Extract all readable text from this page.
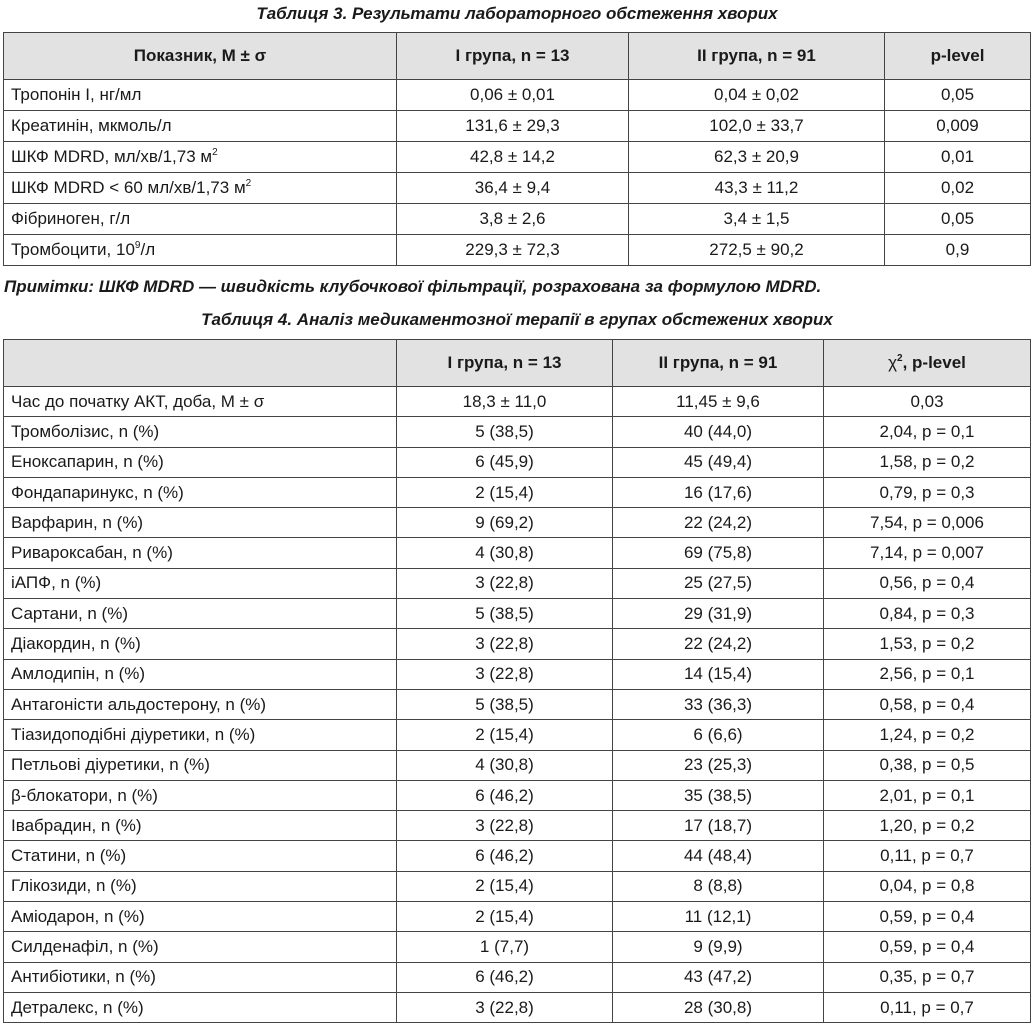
Таблиця 3. Результати лабораторного обстеження хворих
Показник, М ± σ	І група, n = 13	ІІ група, n = 91	p-level
Тропонін І, нг/мл	0,06 ± 0,01	0,04 ± 0,02	0,05
Креатинін, мкмоль/л	131,6 ± 29,3	102,0 ± 33,7	0,009
ШКФ MDRD, мл/хв/1,73 $м^2$	42,8 ± 14,2	62,3 ± 20,9	0,01
ШКФ MDRD < 60 мл/хв/1,73 $м^2$	36,4 ± 9,4	43,3 ± 11,2	0,02
Фібриноген, г/л	3,8 ± 2,6	3,4 ± 1,5	0,05
Тромбоцити, $10^9/л$	229,3 ± 72,3	272,5 ± 90,2	0,9
Примітки: ШКФ MDRD — швидкість клубочкової фільтрації, розрахована за формулою MDRD.
Таблиця 4. Аналіз медикаментозної терапії в групах обстежених хворих
	І група, n = 13	ІІ група, n = 91	$\chi^2$, p-level
Час до початку АКТ, доба, М ± σ	18,3 ± 11,0	11,45 ± 9,6	0,03
Тромболізис, n (%)	5 (38,5)	40 (44,0)	2,04, p = 0,1
Еноксапарин, n (%)	6 (45,9)	45 (49,4)	1,58, p = 0,2
Фондапаринукс, n (%)	2 (15,4)	16 (17,6)	0,79, p = 0,3
Варфарин, n (%)	9 (69,2)	22 (24,2)	7,54, p = 0,006
Ривароксабан, n (%)	4 (30,8)	69 (75,8)	7,14, p = 0,007
іАПФ, n (%)	3 (22,8)	25 (27,5)	0,56, p = 0,4
Сартани, n (%)	5 (38,5)	29 (31,9)	0,84, p = 0,3
Діакордин, n (%)	3 (22,8)	22 (24,2)	1,53, p = 0,2
Амлодипін, n (%)	3 (22,8)	14 (15,4)	2,56, p = 0,1
Антагоністи альдостерону, n (%)	5 (38,5)	33 (36,3)	0,58, p = 0,4
Тіазидоподібні діуретики, n (%)	2 (15,4)	6 (6,6)	1,24, p = 0,2
Петльові діуретики, n (%)	4 (30,8)	23 (25,3)	0,38, p = 0,5
β-блокатори, n (%)	6 (46,2)	35 (38,5)	2,01, p = 0,1
Івабрадин, n (%)	3 (22,8)	17 (18,7)	1,20, p = 0,2
Статини, n (%)	6 (46,2)	44 (48,4)	0,11, p = 0,7
Глікозиди, n (%)	2 (15,4)	8 (8,8)	0,04, p = 0,8
Аміодарон, n (%)	2 (15,4)	11 (12,1)	0,59, p = 0,4
Силденафіл, n (%)	1 (7,7)	9 (9,9)	0,59, p = 0,4
Антибіотики, n (%)	6 (46,2)	43 (47,2)	0,35, p = 0,7
Детралекс, n (%)	3 (22,8)	28 (30,8)	0,11, p = 0,7
